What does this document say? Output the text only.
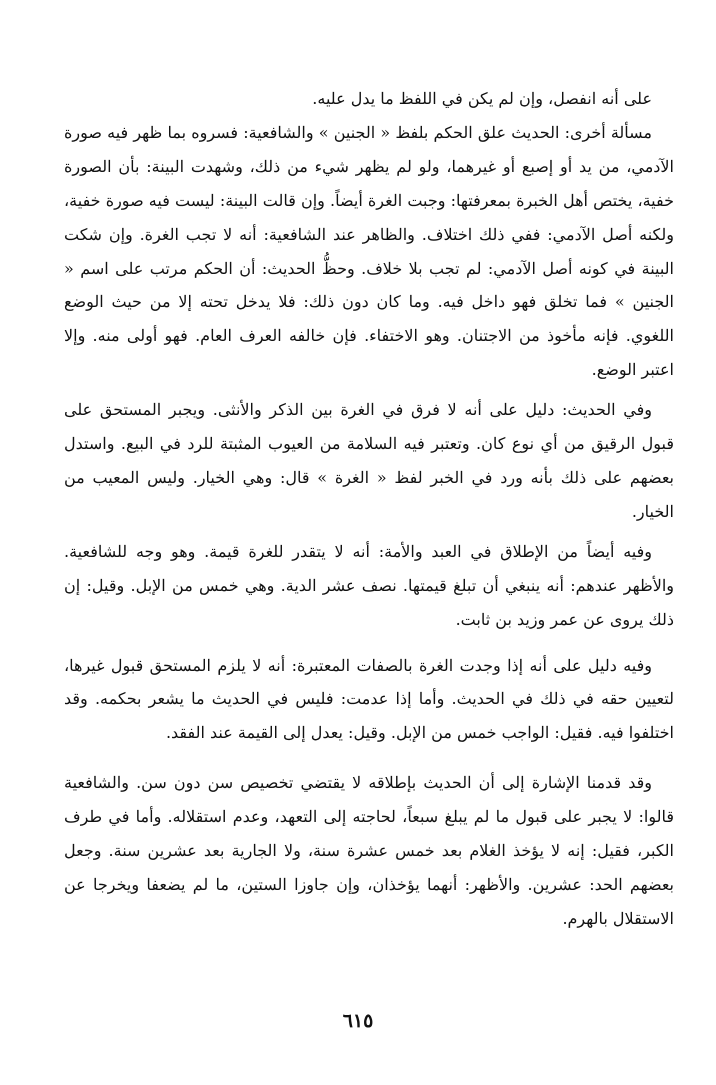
على أنه انفصل، وإن لم يكن في اللفظ ما يدل عليه.

مسألة أخرى: الحديث علق الحكم بلفظ « الجنين » والشافعية: فسروه بما ظهر فيه صورة الآدمي، من يد أو إصبع أو غيرهما، ولو لم يظهر شيء من ذلك، وشهدت البينة: بأن الصورة خفية، يختص أهل الخبرة بمعرفتها: وجبت الغرة أيضاً. وإن قالت البينة: ليست فيه صورة خفية، ولكنه أصل الآدمي: ففي ذلك اختلاف. والظاهر عند الشافعية: أنه لا تجب الغرة. وإن شكت البينة في كونه أصل الآدمي: لم تجب بلا خلاف. وحظُّ الحديث: أن الحكم مرتب على اسم « الجنين » فما تخلق فهو داخل فيه. وما كان دون ذلك: فلا يدخل تحته إلا من حيث الوضع اللغوي. فإنه مأخوذ من الاجتنان. وهو الاختفاء. فإن خالفه العرف العام. فهو أولى منه. وإلا اعتبر الوضع.

وفي الحديث: دليل على أنه لا فرق في الغرة بين الذكر والأنثى. ويجبر المستحق على قبول الرقيق من أي نوع كان. وتعتبر فيه السلامة من العيوب المثبتة للرد في البيع. واستدل بعضهم على ذلك بأنه ورد في الخبر لفظ « الغرة » قال: وهي الخيار. وليس المعيب من الخيار.

وفيه أيضاً من الإطلاق في العبد والأمة: أنه لا يتقدر للغرة قيمة. وهو وجه للشافعية. والأظهر عندهم: أنه ينبغي أن تبلغ قيمتها. نصف عشر الدية. وهي خمس من الإبل. وقيل: إن ذلك يروى عن عمر وزيد بن ثابت.

وفيه دليل على أنه إذا وجدت الغرة بالصفات المعتبرة: أنه لا يلزم المستحق قبول غيرها، لتعيين حقه في ذلك في الحديث. وأما إذا عدمت: فليس في الحديث ما يشعر بحكمه. وقد اختلفوا فيه. فقيل: الواجب خمس من الإبل. وقيل: يعدل إلى القيمة عند الفقد.

وقد قدمنا الإشارة إلى أن الحديث بإطلاقه لا يقتضي تخصيص سن دون سن. والشافعية قالوا: لا يجبر على قبول ما لم يبلغ سبعاً، لحاجته إلى التعهد، وعدم استقلاله. وأما في طرف الكبر، فقيل: إنه لا يؤخذ الغلام بعد خمس عشرة سنة، ولا الجارية بعد عشرين سنة. وجعل بعضهم الحد: عشرين. والأظهر: أنهما يؤخذان، وإن جاوزا الستين، ما لم يضعفا ويخرجا عن الاستقلال بالهرم.

٦١٥
